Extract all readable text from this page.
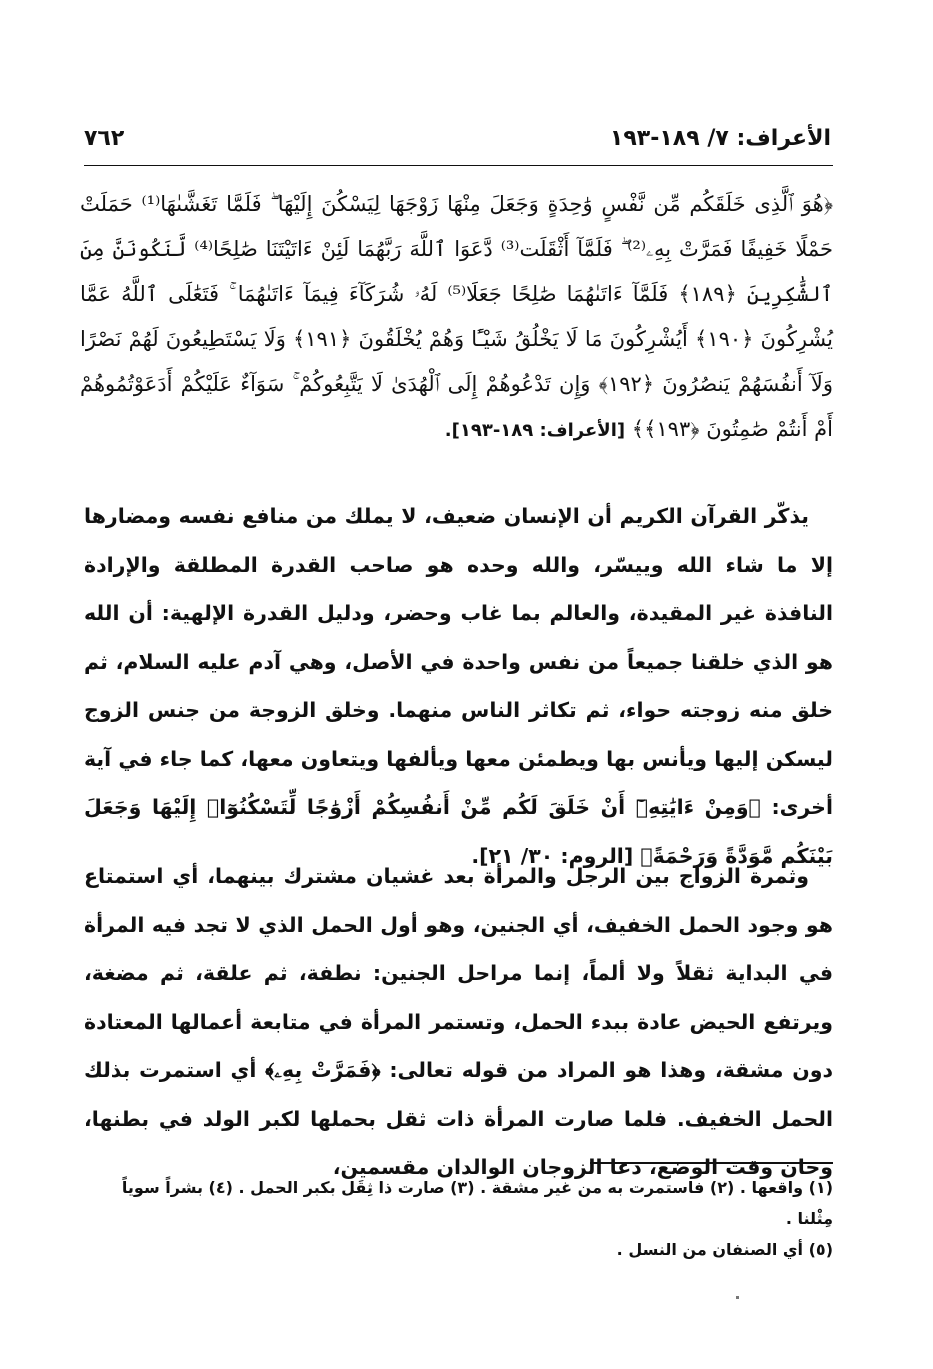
الأعراف: ٧/ ١٨٩-١٩٣
٧٦٢
﴿هُوَ ٱلَّذِى خَلَقَكُم مِّن نَّفْسٍ وَٰحِدَةٍ وَجَعَلَ مِنْهَا زَوْجَهَا لِيَسْكُنَ إِلَيْهَا ۖ فَلَمَّا تَغَشَّىٰهَا⁽¹⁾ حَمَلَتْ حَمْلًا خَفِيفًا فَمَرَّتْ بِهِۦ⁽²⁾ ۖ فَلَمَّآ أَثْقَلَت⁽³⁾ دَّعَوَا ٱللَّهَ رَبَّهُمَا لَئِنْ ءَاتَيْتَنَا صَٰلِحًا⁽⁴⁾ لَّنَكُونَنَّ مِنَ ٱلشَّٰكِرِينَ ﴿١٨٩﴾ فَلَمَّآ ءَاتَىٰهُمَا صَٰلِحًا جَعَلَا⁽⁵⁾ لَهُۥ شُرَكَآءَ فِيمَآ ءَاتَىٰهُمَا ۚ فَتَعَٰلَى ٱللَّهُ عَمَّا يُشْرِكُونَ ﴿١٩٠﴾ أَيُشْرِكُونَ مَا لَا يَخْلُقُ شَيْـًٔا وَهُمْ يُخْلَقُونَ ﴿١٩١﴾ وَلَا يَسْتَطِيعُونَ لَهُمْ نَصْرًا وَلَآ أَنفُسَهُمْ يَنصُرُونَ ﴿١٩٢﴾ وَإِن تَدْعُوهُمْ إِلَى ٱلْهُدَىٰ لَا يَتَّبِعُوكُمْ ۚ سَوَآءٌ عَلَيْكُمْ أَدَعَوْتُمُوهُمْ أَمْ أَنتُمْ صَٰمِتُونَ ﴿١٩٣﴾﴾ [الأعراف: ١٨٩-١٩٣].
يذكّر القرآن الكريم أن الإنسان ضعيف، لا يملك من منافع نفسه ومضارها إلا ما شاء الله وييسّر، والله وحده هو صاحب القدرة المطلقة والإرادة النافذة غير المقيدة، والعالم بما غاب وحضر، ودليل القدرة الإلهية: أن الله هو الذي خلقنا جميعاً من نفس واحدة في الأصل، وهي آدم عليه السلام، ثم خلق منه زوجته حواء، ثم تكاثر الناس منهما. وخلق الزوجة من جنس الزوج ليسكن إليها ويأنس بها ويطمئن معها ويألفها ويتعاون معها، كما جاء في آية أخرى: ﴿وَمِنْ ءَايَٰتِهِۦٓ أَنْ خَلَقَ لَكُم مِّنْ أَنفُسِكُمْ أَزْوَٰجًا لِّتَسْكُنُوٓا۟ إِلَيْهَا وَجَعَلَ بَيْنَكُم مَّوَدَّةً وَرَحْمَةً﴾ [الروم: ٣٠/ ٢١].
وثمرة الزواج بين الرجل والمرأة بعد غشيان مشترك بينهما، أي استمتاع هو وجود الحمل الخفيف، أي الجنين، وهو أول الحمل الذي لا تجد فيه المرأة في البداية ثقلاً ولا ألماً، إنما مراحل الجنين: نطفة، ثم علقة، ثم مضغة، ويرتفع الحيض عادة ببدء الحمل، وتستمر المرأة في متابعة أعمالها المعتادة دون مشقة، وهذا هو المراد من قوله تعالى: ﴿فَمَرَّتْ بِهِۦ﴾ أي استمرت بذلك الحمل الخفيف. فلما صارت المرأة ذات ثقل بحملها لكبر الولد في بطنها، وحان وقت الوضع، دعا الزوجان الوالدان مقسمين،
(١) واقعها . (٢) فاستمرت به من غير مشقة . (٣) صارت ذا ثِقَل بكبر الحمل . (٤) بشراً سوياً مِثْلنا .
(٥) أي الصنفان من النسل .
